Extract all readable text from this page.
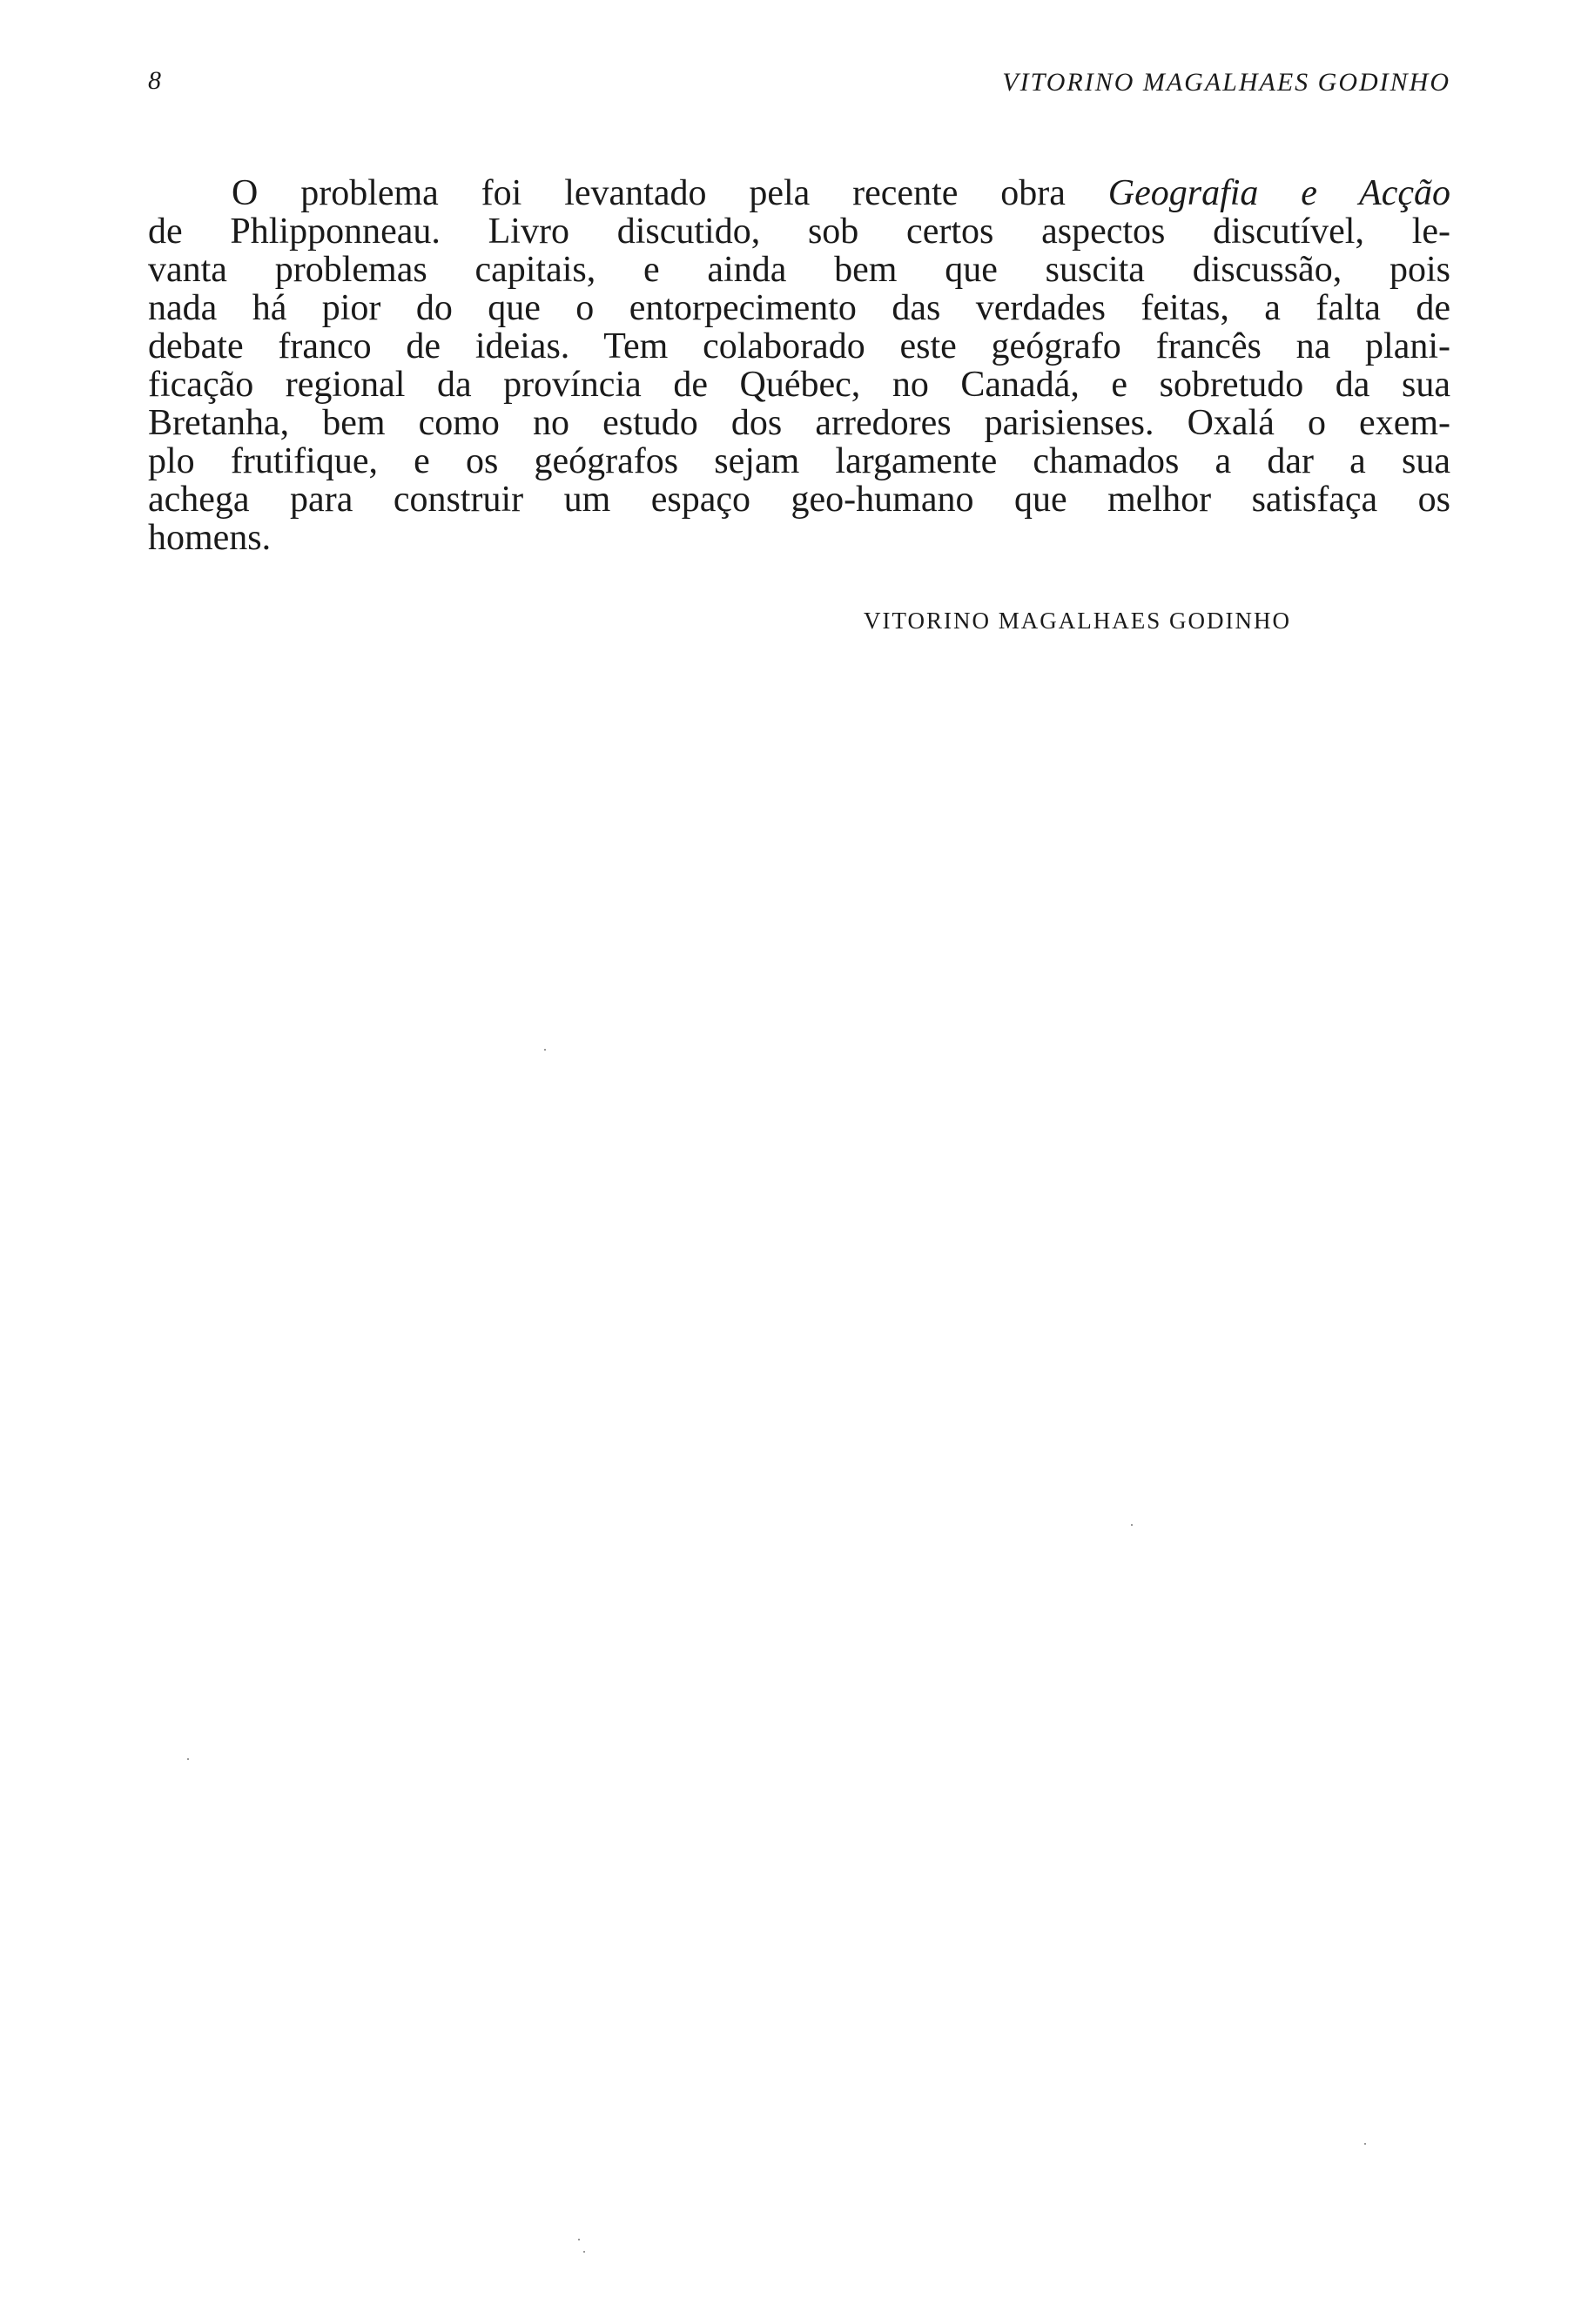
8	VITORINO MAGALHAES GODINHO
O problema foi levantado pela recente obra Geografia e Acção
de Phlipponneau. Livro discutido, sob certos aspectos discutível, le-
vanta problemas capitais, e ainda bem que suscita discussão, pois
nada há pior do que o entorpecimento das verdades feitas, a falta de
debate franco de ideias. Tem colaborado este geógrafo francês na plani-
ficação regional da província de Québec, no Canadá, e sobretudo da sua
Bretanha, bem como no estudo dos arredores parisienses. Oxalá o exem-
plo frutifique, e os geógrafos sejam largamente chamados a dar a sua
achega para construir um espaço geo-humano que melhor satisfaça os
homens.
VITORINO MAGALHAES GODINHO
